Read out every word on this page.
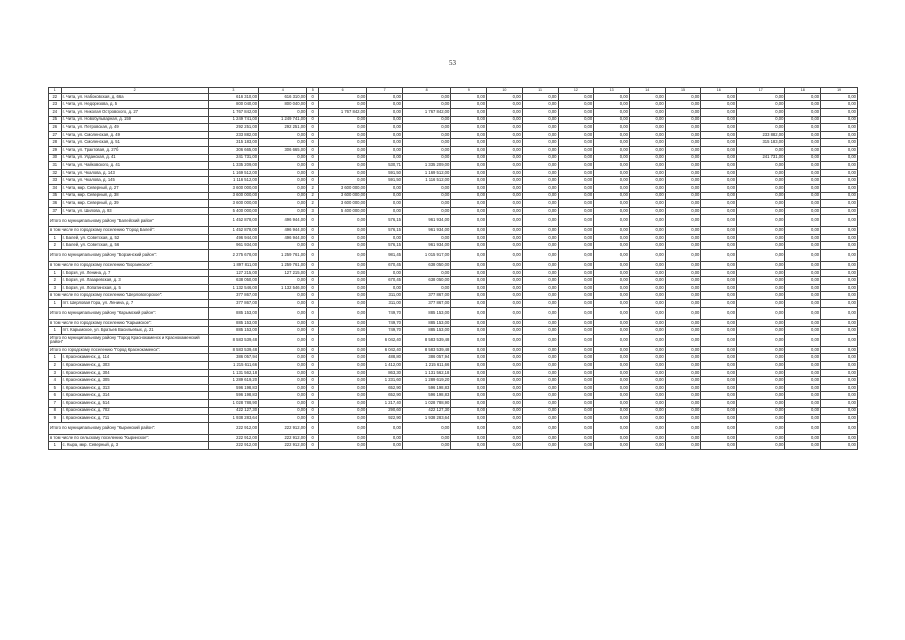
53
1	2	3	4	5	6	7	8	9	10	11	12	13	14	15	16	17	18	19
22	г. Чита, ул. Набоковская, д. 66а	616 310,00	616 310,00	0	0,00	0,00	0,00	0,00	0,00	0,00	0,00	0,00	0,00	0,00	0,00	0,00	0,00	0,00
23	г. Чита, ул. Недорезова, д. 5	800 040,00	800 040,00	0	0,00	0,00	0,00	0,00	0,00	0,00	0,00	0,00	0,00	0,00	0,00	0,00	0,00	0,00
24	г. Чита, ул. Николая Островского, д. 27	1 767 842,00	0,00	0	1 767 842,00	0,00	1 767 842,00	0,00	0,00	0,00	0,00	0,00	0,00	0,00	0,00	0,00	0,00	0,00
25	г. Чита, ул. Новобульварная, д. 159	1 249 741,00	1 249 741,00	0	0,00	0,00	0,00	0,00	0,00	0,00	0,00	0,00	0,00	0,00	0,00	0,00	0,00	0,00
26	г. Чита, ул. Петровская, д. 49	292 251,00	292 251,00	0	0,00	0,00	0,00	0,00	0,00	0,00	0,00	0,00	0,00	0,00	0,00	0,00	0,00	0,00
27	г. Чита, ул. Смоленская, д. 49	233 882,00	0,00	0	0,00	0,00	0,00	0,00	0,00	0,00	0,00	0,00	0,00	0,00	0,00	233 882,00	0,00	0,00
28	г. Чита, ул. Смоленская, д. 51	315 183,00	0,00	0	0,00	0,00	0,00	0,00	0,00	0,00	0,00	0,00	0,00	0,00	0,00	315 183,00	0,00	0,00
29	г. Чита, ул. Трактовая, д. 27б	306 665,00	306 665,00	0	0,00	0,00	0,00	0,00	0,00	0,00	0,00	0,00	0,00	0,00	0,00	0,00	0,00	0,00
30	г. Чита, ул. Угданская, д. 41	241 731,00	0,00	0	0,00	0,00	0,00	0,00	0,00	0,00	0,00	0,00	0,00	0,00	0,00	241 731,00	0,00	0,00
31	г. Чита, ул. Чайковского, д. 41	1 335 209,00	0,00	0	0,00	530,71	1 335 209,00	0,00	0,00	0,00	0,00	0,00	0,00	0,00	0,00	0,00	0,00	0,00
32	г. Чита, ул. Чкалова, д. 143	1 169 512,00	0,00	0	0,00	591,50	1 169 512,00	0,00	0,00	0,00	0,00	0,00	0,00	0,00	0,00	0,00	0,00	0,00
33	г. Чита, ул. Чкалова, д. 145	1 116 512,00	0,00	0	0,00	591,50	1 116 512,00	0,00	0,00	0,00	0,00	0,00	0,00	0,00	0,00	0,00	0,00	0,00
34	г. Чита, мкр. Северный, д. 27	3 600 000,00	0,00	2	3 600 000,00	0,00	0,00	0,00	0,00	0,00	0,00	0,00	0,00	0,00	0,00	0,00	0,00	0,00
35	г. Чита, мкр. Северный, д. 38	3 600 000,00	0,00	2	3 600 000,00	0,00	0,00	0,00	0,00	0,00	0,00	0,00	0,00	0,00	0,00	0,00	0,00	0,00
36	г. Чита, мкр. Северный, д. 39	3 600 000,00	0,00	2	3 600 000,00	0,00	0,00	0,00	0,00	0,00	0,00	0,00	0,00	0,00	0,00	0,00	0,00	0,00
37	г. Чита, ул. Шилова, д. 93	5 400 000,00	0,00	3	5 400 000,00	0,00	0,00	0,00	0,00	0,00	0,00	0,00	0,00	0,00	0,00	0,00	0,00	0,00
Итого по муниципальному району "Балейский район"		1 452 878,00	496 944,00	0	0,00	576,15	961 934,00	0,00	0,00	0,00	0,00	0,00	0,00	0,00	0,00	0,00	0,00	0,00
в том числе по городскому поселению "Город Балей":		1 452 878,00	496 944,00	0	0,00	576,15	961 934,00	0,00	0,00	0,00	0,00	0,00	0,00	0,00	0,00	0,00	0,00	0,00
1	г. Балей, ул. Советская, д. 52	496 944,00	496 944,00	0	0,00	0,00	0,00	0,00	0,00	0,00	0,00	0,00	0,00	0,00	0,00	0,00	0,00	0,00
2	г. Балей, ул. Советская, д. 56	961 934,00	0,00	0	0,00	576,15	961 934,00	0,00	0,00	0,00	0,00	0,00	0,00	0,00	0,00	0,00	0,00	0,00
Итого по муниципальному району "Борзинский район":		2 275 678,00	1 259 761,00	0	0,00	981,45	1 015 917,00	0,00	0,00	0,00	0,00	0,00	0,00	0,00	0,00	0,00	0,00	0,00
в том числе по городскому поселению "Борзинское":		1 897 811,00	1 259 761,00	0	0,00	670,45	638 050,00	0,00	0,00	0,00	0,00	0,00	0,00	0,00	0,00	0,00	0,00	0,00
1	г. Борзя, ул. Ленина, д. 7	127 215,00	127 215,00	0	0,00	0,00	0,00	0,00	0,00	0,00	0,00	0,00	0,00	0,00	0,00	0,00	0,00	0,00
2	г. Борзя, ул. Лазаревская, д. 3	638 050,00	0,00	0	0,00	670,45	638 050,00	0,00	0,00	0,00	0,00	0,00	0,00	0,00	0,00	0,00	0,00	0,00
3	г. Борзя, ул. Лопатинская, д. 5	1 132 546,00	1 132 546,00	0	0,00	0,00	0,00	0,00	0,00	0,00	0,00	0,00	0,00	0,00	0,00	0,00	0,00	0,00
в том числе по городскому поселению "Шерловогорское":		377 867,00	0,00	0	0,00	311,00	377 867,00	0,00	0,00	0,00	0,00	0,00	0,00	0,00	0,00	0,00	0,00	0,00
1	пгт. Шерловая Гора, ул. Ленина, д. 7	377 867,00	0,00	0	0,00	311,00	377 867,00	0,00	0,00	0,00	0,00	0,00	0,00	0,00	0,00	0,00	0,00	0,00
Итого по муниципальному району "Карымский район":		885 153,00	0,00	0	0,00	749,70	885 153,00	0,00	0,00	0,00	0,00	0,00	0,00	0,00	0,00	0,00	0,00	0,00
в том числе по городскому поселению "Карымское":		885 153,00	0,00	0	0,00	749,70	885 153,00	0,00	0,00	0,00	0,00	0,00	0,00	0,00	0,00	0,00	0,00	0,00
1	пгт. Карымское, ул. Братьев Васильевых, д. 21	885 153,00	0,00	0	0,00	749,70	885 153,00	0,00	0,00	0,00	0,00	0,00	0,00	0,00	0,00	0,00	0,00	0,00
Итого по муниципальному району "Город Краснокаменск и Краснокаменский район"		8 583 539,48	0,00	0	0,00	6 042,40	8 583 539,48	0,00	0,00	0,00	0,00	0,00	0,00	0,00	0,00	0,00	0,00	0,00
Итого по городскому поселению "Город Краснокаменск":		8 583 539,48	0,00	0	0,00	6 042,40	8 583 539,48	0,00	0,00	0,00	0,00	0,00	0,00	0,00	0,00	0,00	0,00	0,00
1	г. Краснокаменск, д. 114	386 057,94	0,00	0	0,00	488,80	386 057,94	0,00	0,00	0,00	0,00	0,00	0,00	0,00	0,00	0,00	0,00	0,00
2	г. Краснокаменск, д. 303	1 215 611,66	0,00	0	0,00	1 412,00	1 215 611,66	0,00	0,00	0,00	0,00	0,00	0,00	0,00	0,00	0,00	0,00	0,00
3	г. Краснокаменск, д. 304	1 131 562,18	0,00	0	0,00	863,30	1 131 562,18	0,00	0,00	0,00	0,00	0,00	0,00	0,00	0,00	0,00	0,00	0,00
4	г. Краснокаменск, д. 305	1 289 619,20	0,00	0	0,00	1 231,60	1 289 619,20	0,00	0,00	0,00	0,00	0,00	0,00	0,00	0,00	0,00	0,00	0,00
5	г. Краснокаменск, д. 313	596 198,83	0,00	0	0,00	652,90	596 198,83	0,00	0,00	0,00	0,00	0,00	0,00	0,00	0,00	0,00	0,00	0,00
6	г. Краснокаменск, д. 314	596 198,83	0,00	0	0,00	652,90	596 198,83	0,00	0,00	0,00	0,00	0,00	0,00	0,00	0,00	0,00	0,00	0,00
7	г. Краснокаменск, д. 514	1 028 788,90	0,00	0	0,00	1 217,40	1 028 788,90	0,00	0,00	0,00	0,00	0,00	0,00	0,00	0,00	0,00	0,00	0,00
8	г. Краснокаменск, д. 702	422 127,30	0,00	0	0,00	290,60	422 127,30	0,00	0,00	0,00	0,00	0,00	0,00	0,00	0,00	0,00	0,00	0,00
9	г. Краснокаменск, д. 711	1 938 283,64	0,00	0	0,00	922,90	1 938 283,64	0,00	0,00	0,00	0,00	0,00	0,00	0,00	0,00	0,00	0,00	0,00
Итого по муниципальному району "Кыринский район":		222 912,00	222 912,00	0	0,00	0,00	0,00	0,00	0,00	0,00	0,00	0,00	0,00	0,00	0,00	0,00	0,00	0,00
в том числе по сельскому поселению "Кыринское":		222 912,00	222 912,00	0	0,00	0,00	0,00	0,00	0,00	0,00	0,00	0,00	0,00	0,00	0,00	0,00	0,00	0,00
1	с. Кыра, мкр. Северный, д. 3	222 912,00	222 912,00	0	0,00	0,00	0,00	0,00	0,00	0,00	0,00	0,00	0,00	0,00	0,00	0,00	0,00	0,00
